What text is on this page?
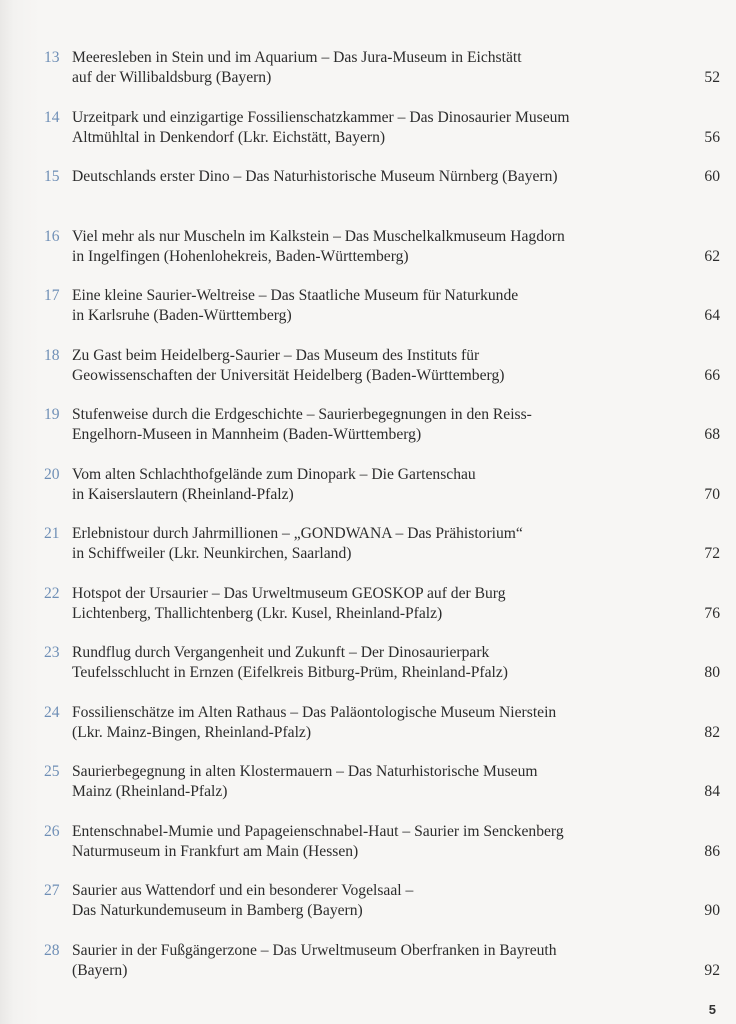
13 Meeresleben in Stein und im Aquarium – Das Jura-Museum in Eichstätt
auf der Willibaldsburg (Bayern)	52
14 Urzeitpark und einzigartige Fossilienschatzkammer – Das Dinosaurier Museum
Altmühltal in Denkendorf (Lkr. Eichstätt, Bayern)	56
15 Deutschlands erster Dino – Das Naturhistorische Museum Nürnberg (Bayern)	60
16 Viel mehr als nur Muscheln im Kalkstein – Das Muschelkalkmuseum Hagdorn
in Ingelfingen (Hohenlohekreis, Baden-Württemberg)	62
17 Eine kleine Saurier-Weltreise – Das Staatliche Museum für Naturkunde
in Karlsruhe (Baden-Württemberg)	64
18 Zu Gast beim Heidelberg-Saurier – Das Museum des Instituts für
Geowissenschaften der Universität Heidelberg (Baden-Württemberg)	66
19 Stufenweise durch die Erdgeschichte – Saurierbegegnungen in den Reiss-
Engelhorn-Museen in Mannheim (Baden-Württemberg)	68
20 Vom alten Schlachthofgelände zum Dinopark – Die Gartenschau
in Kaiserslautern (Rheinland-Pfalz)	70
21 Erlebnistour durch Jahrmillionen – „GONDWANA – Das Prähistorium“
in Schiffweiler (Lkr. Neunkirchen, Saarland)	72
22 Hotspot der Ursaurier – Das Urweltmuseum GEOSKOP auf der Burg
Lichtenberg, Thallichtenberg (Lkr. Kusel, Rheinland-Pfalz)	76
23 Rundflug durch Vergangenheit und Zukunft – Der Dinosaurierpark
Teufelsschlucht in Ernzen (Eifelkreis Bitburg-Prüm, Rheinland-Pfalz)	80
24 Fossilienschätze im Alten Rathaus – Das Paläontologische Museum Nierstein
(Lkr. Mainz-Bingen, Rheinland-Pfalz)	82
25 Saurierbegegnung in alten Klostermauern – Das Naturhistorische Museum
Mainz (Rheinland-Pfalz)	84
26 Entenschnabel-Mumie und Papageienschnabel-Haut – Saurier im Senckenberg
Naturmuseum in Frankfurt am Main (Hessen)	86
27 Saurier aus Wattendorf und ein besonderer Vogelsaal –
Das Naturkundemuseum in Bamberg (Bayern)	90
28 Saurier in der Fußgängerzone – Das Urweltmuseum Oberfranken in Bayreuth
(Bayern)	92
5
